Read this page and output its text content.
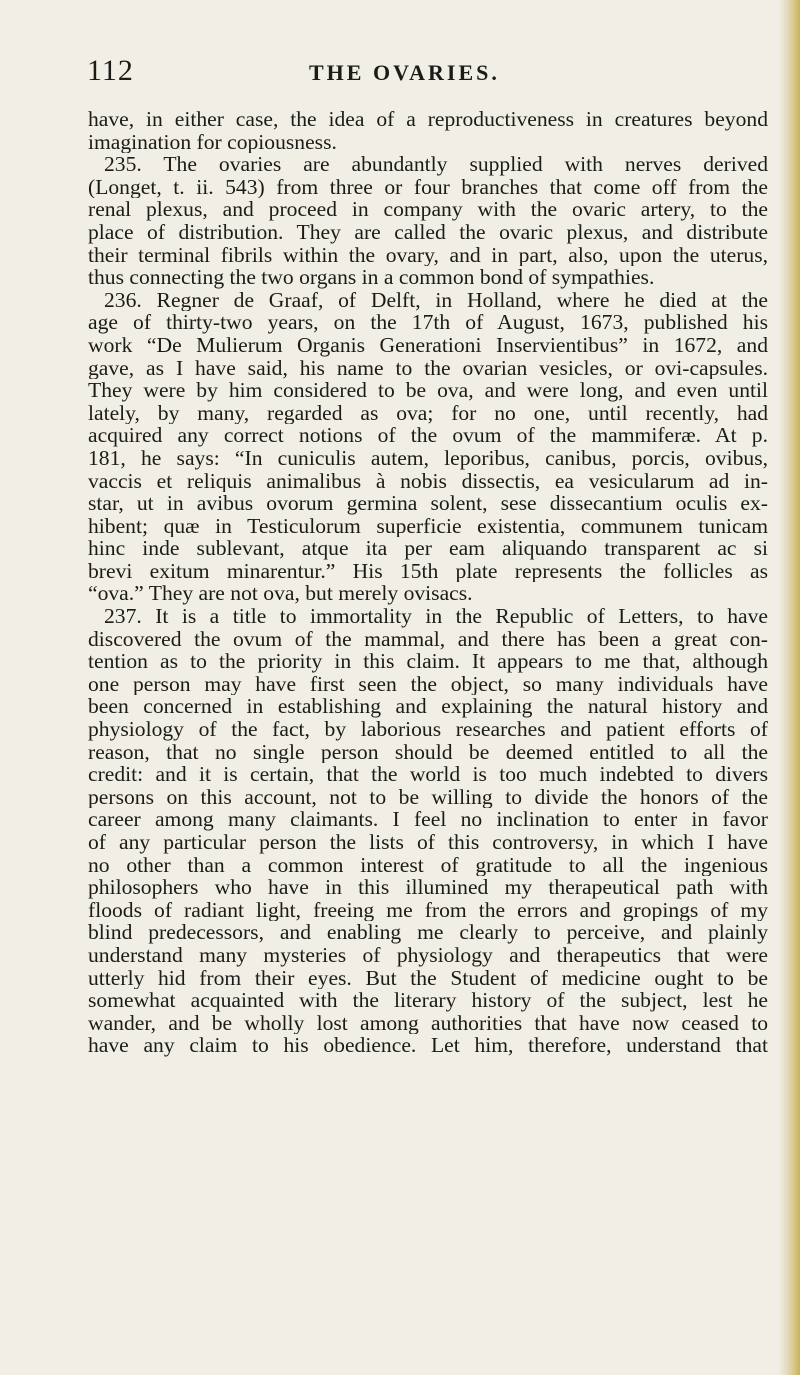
112	THE OVARIES.
have, in either case, the idea of a reproductiveness in creatures beyond
imagination for copiousness.
235. The ovaries are abundantly supplied with nerves derived
(Longet, t. ii. 543) from three or four branches that come off from the
renal plexus, and proceed in company with the ovaric artery, to the
place of distribution. They are called the ovaric plexus, and distribute
their terminal fibrils within the ovary, and in part, also, upon the uterus,
thus connecting the two organs in a common bond of sympathies.
236. Regner de Graaf, of Delft, in Holland, where he died at the
age of thirty-two years, on the 17th of August, 1673, published his
work “De Mulierum Organis Generationi Inservientibus” in 1672, and
gave, as I have said, his name to the ovarian vesicles, or ovi-capsules.
They were by him considered to be ova, and were long, and even until
lately, by many, regarded as ova; for no one, until recently, had
acquired any correct notions of the ovum of the mammiferæ. At p.
181, he says: “In cuniculis autem, leporibus, canibus, porcis, ovibus,
vaccis et reliquis animalibus à nobis dissectis, ea vesicularum ad in-
star, ut in avibus ovorum germina solent, sese dissecantium oculis ex-
hibent; quæ in Testiculorum superficie existentia, communem tunicam
hinc inde sublevant, atque ita per eam aliquando transparent ac si
brevi exitum minarentur.” His 15th plate represents the follicles as
“ova.” They are not ova, but merely ovisacs.
237. It is a title to immortality in the Republic of Letters, to have
discovered the ovum of the mammal, and there has been a great con-
tention as to the priority in this claim. It appears to me that, although
one person may have first seen the object, so many individuals have
been concerned in establishing and explaining the natural history and
physiology of the fact, by laborious researches and patient efforts of
reason, that no single person should be deemed entitled to all the
credit: and it is certain, that the world is too much indebted to divers
persons on this account, not to be willing to divide the honors of the
career among many claimants. I feel no inclination to enter in favor
of any particular person the lists of this controversy, in which I have
no other than a common interest of gratitude to all the ingenious
philosophers who have in this illumined my therapeutical path with
floods of radiant light, freeing me from the errors and gropings of my
blind predecessors, and enabling me clearly to perceive, and plainly
understand many mysteries of physiology and therapeutics that were
utterly hid from their eyes. But the Student of medicine ought to be
somewhat acquainted with the literary history of the subject, lest he
wander, and be wholly lost among authorities that have now ceased to
have any claim to his obedience. Let him, therefore, understand that
